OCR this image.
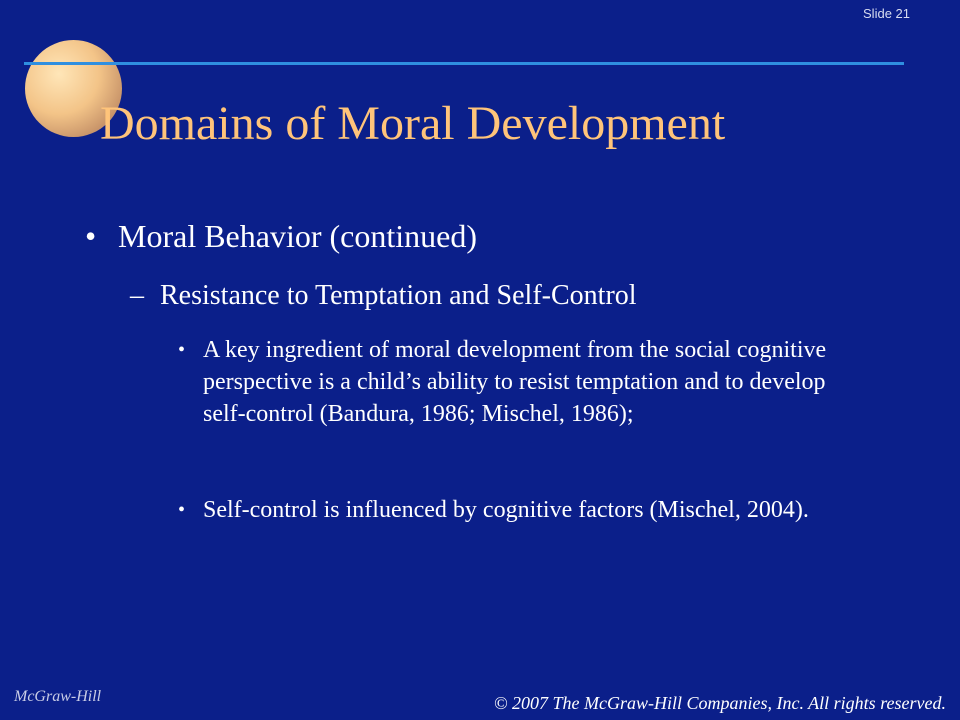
Slide 21
Domains of Moral Development
• Moral Behavior (continued)
– Resistance to Temptation and Self-Control
• A key ingredient of moral development from the social cognitive perspective is a child’s ability to resist temptation and to develop self-control (Bandura, 1986; Mischel, 1986);
• Self-control is influenced by cognitive factors (Mischel, 2004).
McGraw-Hill	© 2007 The McGraw-Hill Companies, Inc. All rights reserved.
